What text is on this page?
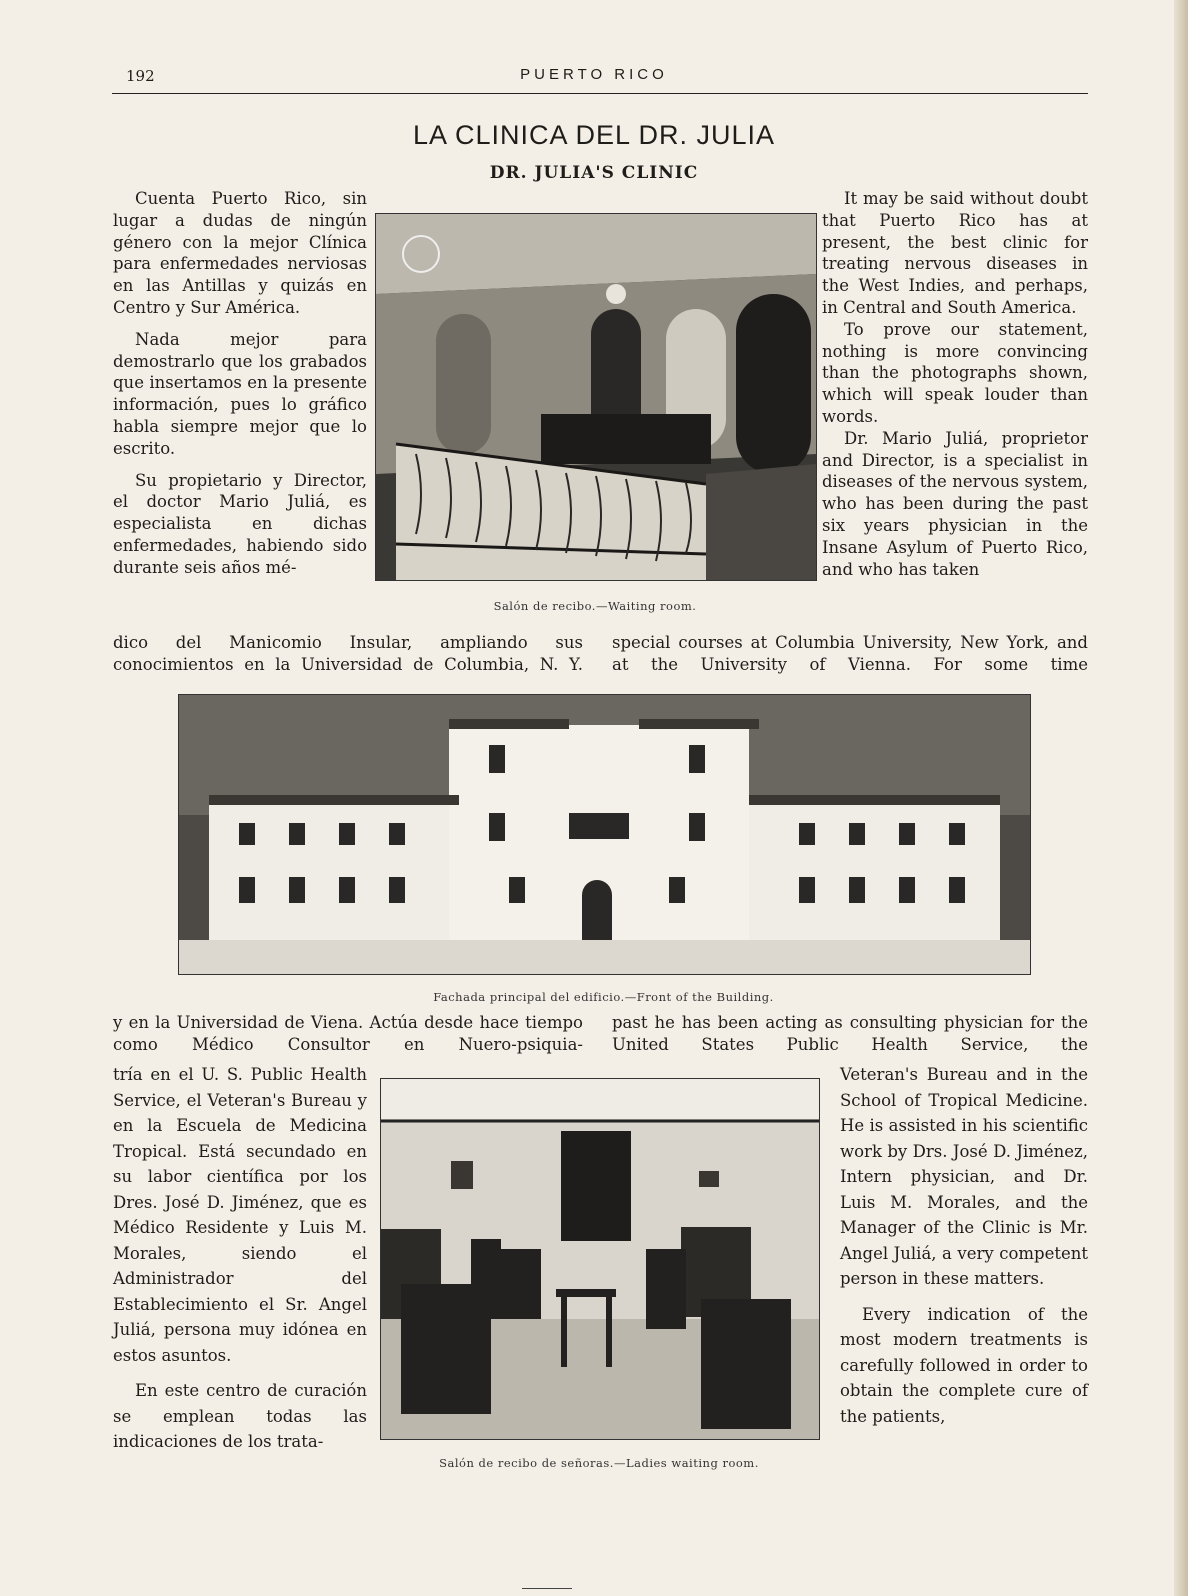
192	PUERTO RICO
LA CLINICA DEL DR. JULIA
DR. JULIA'S CLINIC

Cuenta Puerto Rico, sin lugar a dudas de ningún género con la mejor Clínica para enfermedades nerviosas en las Antillas y quizás en Centro y Sur América.

Nada mejor para demostrarlo que los grabados que insertamos en la presente información, pues lo gráfico habla siempre mejor que lo escrito.

Su propietario y Director, el doctor Mario Juliá, es especialista en dichas enfermedades, habiendo sido durante seis años mé-

It may be said without doubt that Puerto Rico has at present, the best clinic for treating nervous diseases in the West Indies, and perhaps, in Central and South America.

To prove our statement, nothing is more convincing than the photographs shown, which will speak louder than words.

Dr. Mario Juliá, proprietor and Director, is a specialist in diseases of the nervous system, who has been during the past six years physician in the Insane Asylum of Puerto Rico, and who has taken

Salón de recibo.—Waiting room.
dico del Manicomio Insular, ampliando sus conocimientos en la Universidad de Columbia, N. Y.
special courses at Columbia University, New York, and at the University of Vienna. For some time
Fachada principal del edificio.—Front of the Building.
y en la Universidad de Viena. Actúa desde hace tiempo como Médico Consultor en Nuero-psiquia-
past he has been acting as consulting physician for the United States Public Health Service, the

tría en el U. S. Public Health Service, el Veteran's Bureau y en la Escuela de Medicina Tropical. Está secundado en su labor científica por los Dres. José D. Jiménez, que es Médico Residente y Luis M. Morales, siendo el Administrador del Establecimiento el Sr. Angel Juliá, persona muy idónea en estos asuntos.

En este centro de curación se emplean todas las indicaciones de los trata-

Veteran's Bureau and in the School of Tropical Medicine. He is assisted in his scientific work by Drs. José D. Jiménez, Intern physician, and Dr. Luis M. Morales, and the Manager of the Clinic is Mr. Angel Juliá, a very competent person in these matters.

Every indication of the most modern treatments is carefully followed in order to obtain the complete cure of the patients,

Salón de recibo de señoras.—Ladies waiting room.
